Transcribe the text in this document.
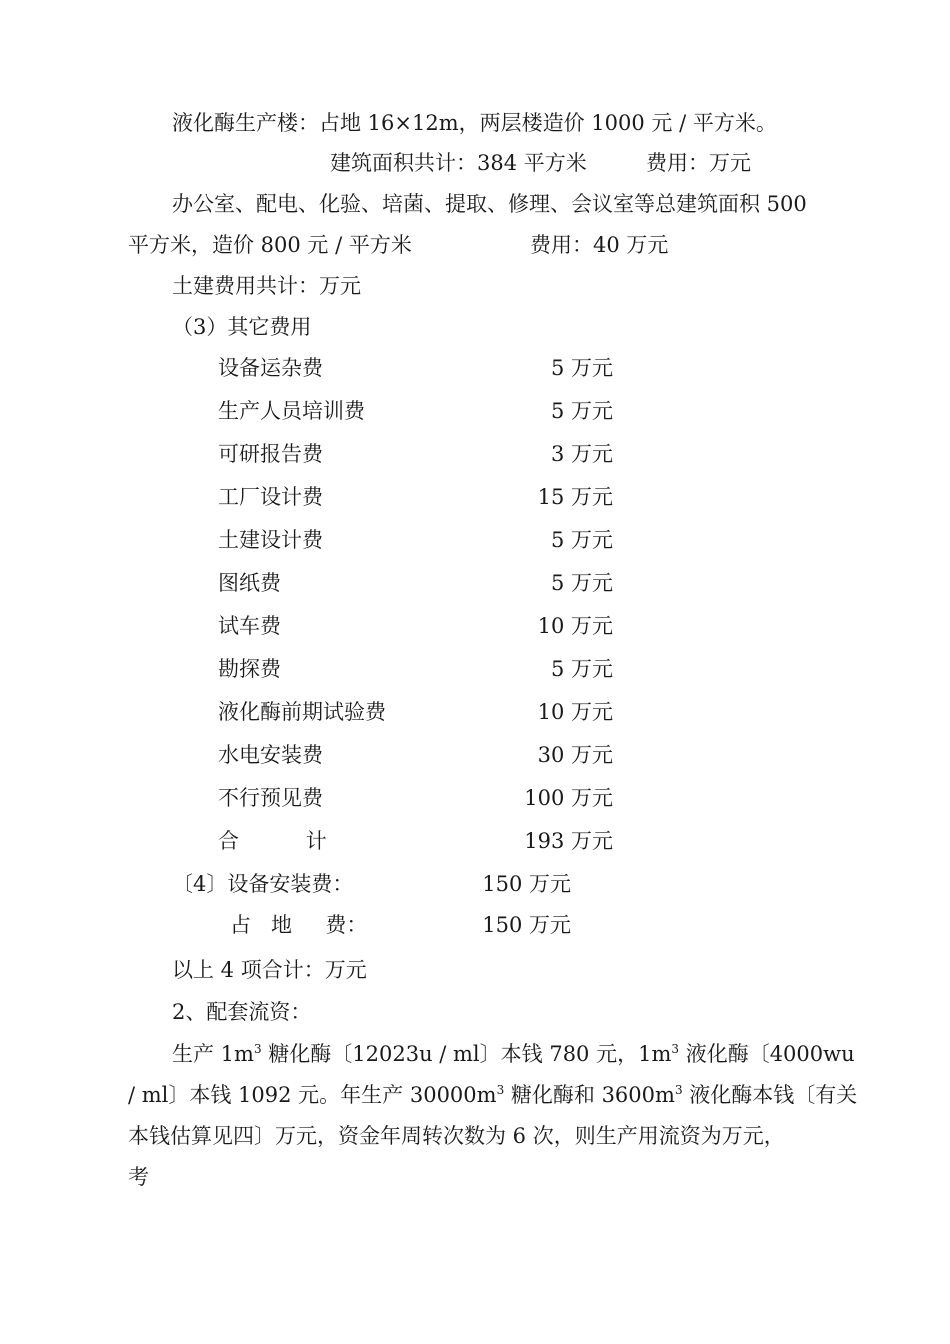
液化酶生产楼：占地 16×12m，两层楼造价 1000 元 / 平方米。
建筑面积共计：384 平方米	费用：万元
办公室、配电、化验、培菌、提取、修理、会议室等总建筑面积 500
平方米，造价 800 元 / 平方米	费用：40 万元
土建费用共计：万元
（3）其它费用
设备运杂费	5 万元
生产人员培训费	5 万元
可研报告费	3 万元
工厂设计费	15 万元
土建设计费	5 万元
图纸费	5 万元
试车费	10 万元
勘探费	5 万元
液化酶前期试验费	10 万元
水电安装费	30 万元
不行预见费	100 万元
合          计	193 万元
〔4〕设备安装费：	150 万元
占   地     费：	150 万元
以上 4 项合计：万元
2、配套流资：
生产 $1m^3$ 糖化酶〔12023u / ml〕本钱 780 元，$1m^3$ 液化酶〔4000wu
/ ml〕本钱 1092 元。年生产 $30000m^3$ 糖化酶和 $3600m^3$ 液化酶本钱〔有关
本钱估算见四〕万元，资金年周转次数为 6 次，则生产用流资为万元，
考
